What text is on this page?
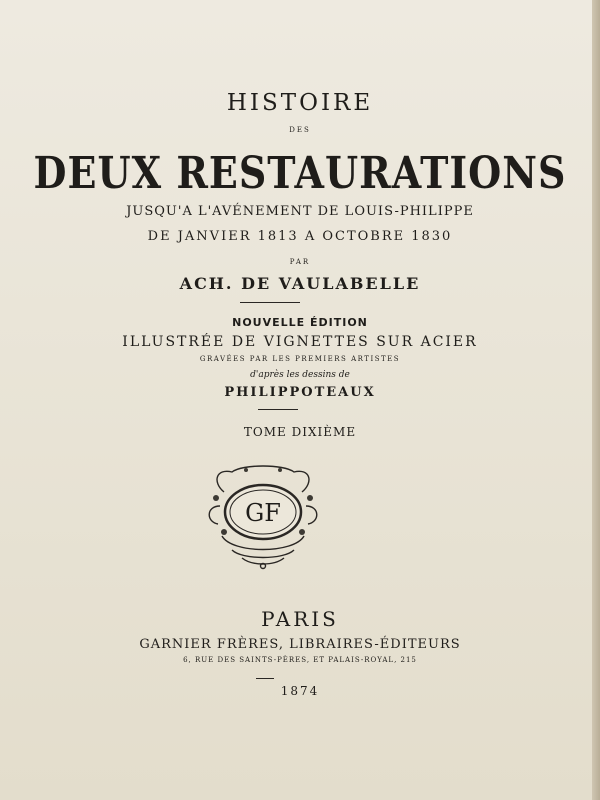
HISTOIRE
DES
DEUX RESTAURATIONS
JUSQU'A L'AVÉNEMENT DE LOUIS-PHILIPPE
DE JANVIER 1813 A OCTOBRE 1830
PAR
ACH. DE VAULABELLE
NOUVELLE ÉDITION
ILLUSTRÉE DE VIGNETTES SUR ACIER
GRAVÉES PAR LES PREMIERS ARTISTES
d'après les dessins de
PHILIPPOTEAUX
TOME DIXIÈME
GF
PARIS
GARNIER FRÈRES, LIBRAIRES-ÉDITEURS
6, RUE DES SAINTS-PÈRES, ET PALAIS-ROYAL, 215
1874
